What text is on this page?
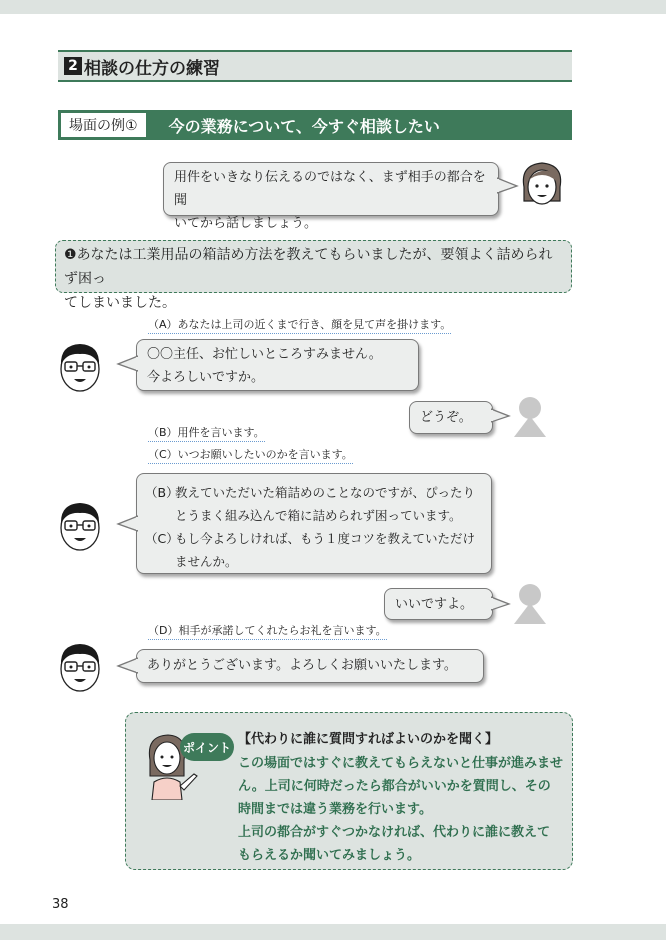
2 相談の仕方の練習
場面の例①	今の業務について、今すぐ相談したい
用件をいきなり伝えるのではなく、まず相手の都合を聞
いてから話しましょう。
❶あなたは工業用品の箱詰め方法を教えてもらいましたが、要領よく詰められず困っ
てしまいました。
（A）あなたは上司の近くまで行き、顔を見て声を掛けます。
〇〇主任、お忙しいところすみません。
今よろしいですか。
どうぞ。
（B）用件を言います。
（C）いつお願いしたいのかを言います。
（B）
教えていただいた箱詰めのことなのですが、ぴったり
とうまく組み込んで箱に詰められず困っています。
（C）
もし今よろしければ、もう１度コツを教えていただけ
ませんか。
いいですよ。
（D）相手が承諾してくれたらお礼を言います。
ありがとうございます。よろしくお願いいたします。
ポイント
【代わりに誰に質問すればよいのかを聞く】
この場面ではすぐに教えてもらえないと仕事が進みませ
ん。上司に何時だったら都合がいいかを質問し、その
時間までは違う業務を行います。
上司の都合がすぐつかなければ、代わりに誰に教えて
もらえるか聞いてみましょう。
38
